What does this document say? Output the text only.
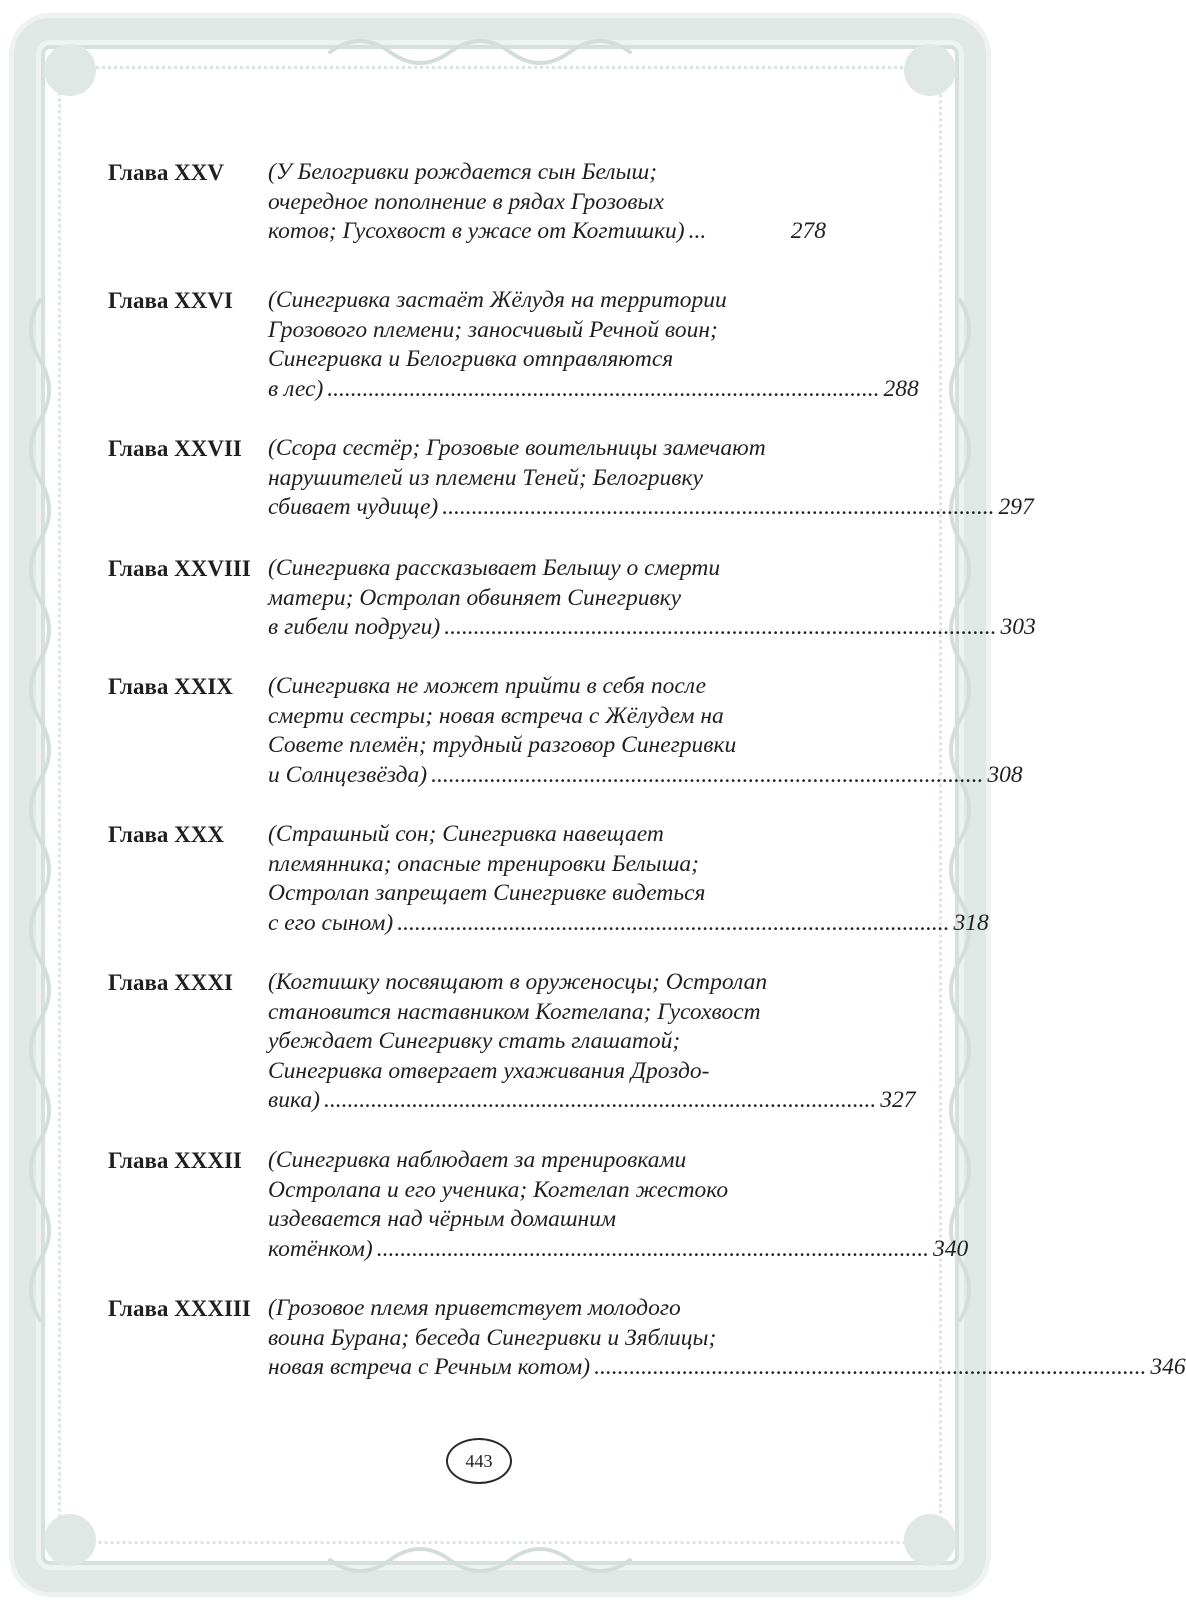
Глава XXV	(У Белогривки рождается сын Белыш;
очередное пополнение в рядах Грозовых
котов; Гусохвост в ужасе от Когтишки) ...	278
Глава XXVI	(Синегривка застаёт Жёлудя на территории
Грозового племени; заносчивый Речной воин;
Синегривка и Белогривка отправляются
в лес) .............................................................................................. 288
Глава XXVII	(Ссора сестёр; Грозовые воительницы замечают
нарушителей из племени Теней; Белогривку
сбивает чудище) .............................................................................................. 297
Глава XXVIII (Синегривка рассказывает Белышу о смерти
матери; Остролап обвиняет Синегривку
в гибели подруги) .............................................................................................. 303
Глава XXIX	(Синегривка не может прийти в себя после
смерти сестры; новая встреча с Жёлудем на
Совете племён; трудный разговор Синегривки
и Солнцезвёзда) .............................................................................................. 308
Глава XXX	(Страшный сон; Синегривка навещает
племянника; опасные тренировки Белыша;
Остролап запрещает Синегривке видеться
с его сыном) .............................................................................................. 318
Глава XXXI	(Когтишку посвящают в оруженосцы; Остролап
становится наставником Когтелапа; Гусохвост
убеждает Синегривку стать глашатой;
Синегривка отвергает ухаживания Дроздо-
вика) .............................................................................................. 327
Глава XXXII	(Синегривка наблюдает за тренировками
Остролапа и его ученика; Когтелап жестоко
издевается над чёрным домашним
котёнком) .............................................................................................. 340
Глава XXXIII (Грозовое племя приветствует молодого
воина Бурана; беседа Синегривки и Зяблицы;
новая встреча с Речным котом) .............................................................................................. 346
443
